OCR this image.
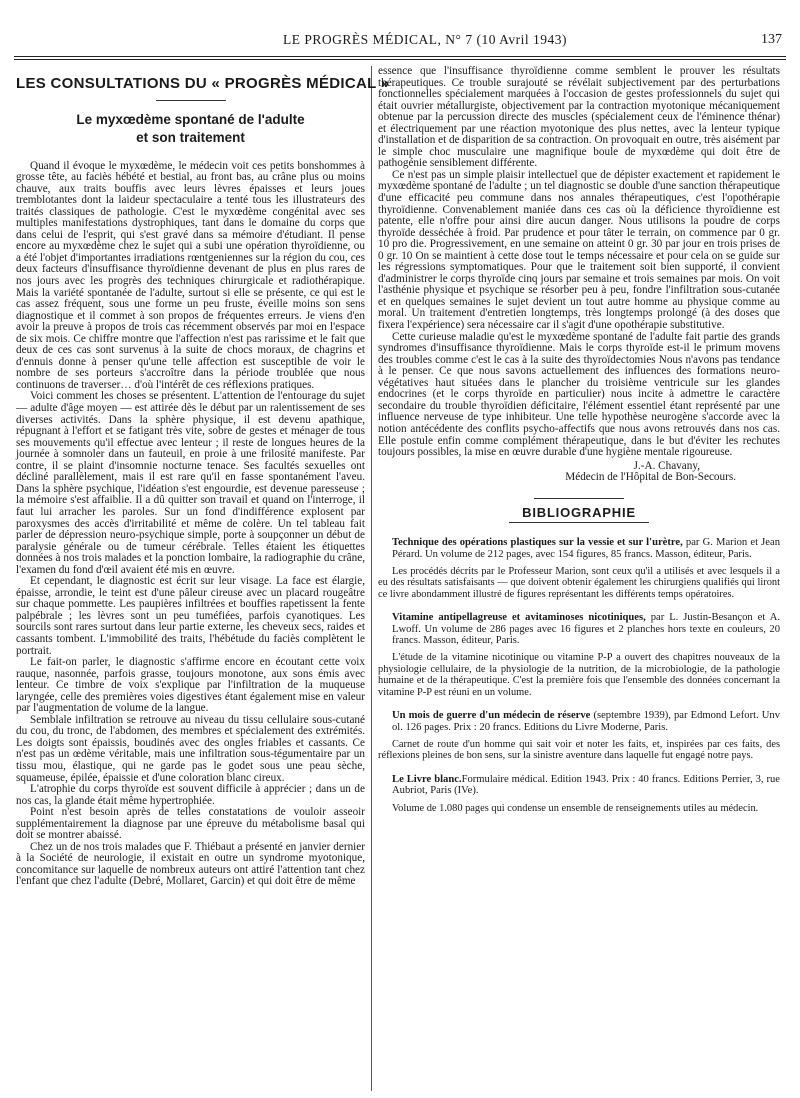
LE PROGRÈS MÉDICAL, N° 7 (10 Avril 1943)	137
LES CONSULTATIONS DU « PROGRÈS MÉDICAL »
Le myxœdème spontané de l'adulte
et son traitement

Quand il évoque le myxœdème, le médecin voit ces petits bonshommes à grosse tête, au faciès hébété et bestial, au front bas, au crâne plus ou moins chauve, aux traits bouffis avec leurs lèvres épaisses et leurs joues tremblotantes dont la laideur spectaculaire a tenté tous les illustrateurs des traités classiques de pathologie. C'est le myxœdème congénital avec ses multiples manifestations dystrophiques, tant dans le domaine du corps que dans celui de l'esprit, qui s'est gravé dans sa mémoire d'étudiant. Il pense encore au myxœdème chez le sujet qui a subi une opération thyroïdienne, ou a été l'objet d'importantes irradiations rœntgeniennes sur la région du cou, ces deux facteurs d'insuffisance thyroïdienne devenant de plus en plus rares de nos jours avec les progrès des techniques chirurgicale et radiothérapique. Mais la variété spontanée de l'adulte, surtout si elle se présente, ce qui est le cas assez fréquent, sous une forme un peu fruste, éveille moins son sens diagnostique et il commet à son propos de fréquentes erreurs. Je viens d'en avoir la preuve à propos de trois cas récemment observés par moi en l'espace de six mois. Ce chiffre montre que l'affection n'est pas rarissime et le fait que deux de ces cas sont survenus à la suite de chocs moraux, de chagrins et d'ennuis donne à penser qu'une telle affection est susceptible de voir le nombre de ses porteurs s'accroître dans la période troublée que nous continuons de traverser… d'où l'intérêt de ces réflexions pratiques.

Voici comment les choses se présentent. L'attention de l'entourage du sujet — adulte d'âge moyen — est attirée dès le début par un ralentissement de ses diverses activités. Dans la sphère physique, il est devenu apathique, répugnant à l'effort et se fatigant très vite, sobre de gestes et ménager de tous ses mouvements qu'il effectue avec lenteur ; il reste de longues heures de la journée à somnoler dans un fauteuil, en proie à une frilosité manifeste. Par contre, il se plaint d'insomnie nocturne tenace. Ses facultés sexuelles ont décliné parallèlement, mais il est rare qu'il en fasse spontanément l'aveu. Dans la sphère psychique, l'idéation s'est engourdie, est devenue paresseuse ; la mémoire s'est affaiblie. Il a dû quitter son travail et quand on l'interroge, il faut lui arracher les paroles. Sur un fond d'indifférence explosent par paroxysmes des accès d'irritabilité et même de colère. Un tel tableau fait parler de dépression neuro-psychique simple, porte à soupçonner un début de paralysie générale ou de tumeur cérébrale. Telles étaient les étiquettes données à nos trois malades et la ponction lombaire, la radiographie du crâne, l'examen du fond d'œil avaient été mis en œuvre.

Et cependant, le diagnostic est écrit sur leur visage. La face est élargie, épaisse, arrondie, le teint est d'une pâleur cireuse avec un placard rougeâtre sur chaque pommette. Les paupières infiltrées et bouffies rapetissent la fente palpébrale ; les lèvres sont un peu tuméfiées, parfois cyanotiques. Les sourcils sont rares surtout dans leur partie externe, les cheveux secs, raides et cassants tombent. L'immobilité des traits, l'hébétude du faciès complètent le portrait.

Le fait-on parler, le diagnostic s'affirme encore en écoutant cette voix rauque, nasonnée, parfois grasse, toujours monotone, aux sons émis avec lenteur. Ce timbre de voix s'explique par l'infiltration de la muqueuse laryngée, celle des premières voies digestives étant également mise en valeur par l'augmentation de volume de la langue.

Semblale infiltration se retrouve au niveau du tissu cellulaire sous-cutané du cou, du tronc, de l'abdomen, des membres et spécialement des extrémités. Les doigts sont épaissis, boudinés avec des ongles friables et cassants. Ce n'est pas un œdème véritable, mais une infiltration sous-tégumentaire par un tissu mou, élastique, qui ne garde pas le godet sous une peau sèche, squameuse, épilée, épaissie et d'une coloration blanc cireux.

L'atrophie du corps thyroïde est souvent difficile à apprécier ; dans un de nos cas, la glande était même hypertrophiée.

Point n'est besoin après de telles constatations de vouloir asseoir supplémentairement la diagnose par une épreuve du métabolisme basal qui doit se montrer abaissé.

Chez un de nos trois malades que F. Thiébaut a présenté en janvier dernier à la Société de neurologie, il existait en outre un syndrome myotonique, concomitance sur laquelle de nombreux auteurs ont attiré l'attention tant chez l'enfant que chez l'adulte (Debré, Mollaret, Garcin) et qui doit être de même

essence que l'insuffisance thyroïdienne comme semblent le prouver les résultats thérapeutiques. Ce trouble surajouté se révélait subjectivement par des perturbations fonctionnelles spécialement marquées à l'occasion de gestes professionnels du sujet qui était ouvrier métallurgiste, objectivement par la contraction myotonique mécaniquement obtenue par la percussion directe des muscles (spécialement ceux de l'éminence thénar) et électriquement par une réaction myotonique des plus nettes, avec la lenteur typique d'installation et de disparition de sa contraction. On provoquait en outre, très aisément par le simple choc musculaire une magnifique boule de myxœdème qui doit être de pathogénie sensiblement différente.

Ce n'est pas un simple plaisir intellectuel que de dépister exactement et rapidement le myxœdème spontané de l'adulte ; un tel diagnostic se double d'une sanction thérapeutique d'une efficacité peu commune dans nos annales thérapeutiques, c'est l'opothérapie thyroïdienne. Convenablement maniée dans ces cas où la déficience thyroïdienne est patente, elle n'offre pour ainsi dire aucun danger. Nous utilisons la poudre de corps thyroïde desséchée à froid. Par prudence et pour tâter le terrain, on commence par 0 gr. 10 pro die. Progressivement, en une semaine on atteint 0 gr. 30 par jour en trois prises de 0 gr. 10 On se maintient à cette dose tout le temps nécessaire et pour cela on se guide sur les régressions symptomatiques. Pour que le traitement soit bien supporté, il convient d'administrer le corps thyroïde cinq jours par semaine et trois semaines par mois. On voit l'asthénie physique et psychique se résorber peu à peu, fondre l'infiltration sous-cutanée et en quelques semaines le sujet devient un tout autre homme au physique comme au moral. Un traitement d'entretien longtemps, très longtemps prolongé (à des doses que fixera l'expérience) sera nécessaire car il s'agit d'une opothérapie substitutive.

Cette curieuse maladie qu'est le myxœdème spontané de l'adulte fait partie des grands syndromes d'insuffisance thyroïdienne. Mais le corps thyroïde est-il le primum movens des troubles comme c'est le cas à la suite des thyroïdectomies Nous n'avons pas tendance à le penser. Ce que nous savons actuellement des influences des formations neuro-végétatives haut situées dans le plancher du troisième ventricule sur les glandes endocrines (et le corps thyroïde en particulier) nous incite à admettre le caractère secondaire du trouble thyroïdien déficitaire, l'élément essentiel étant représenté par une influence nerveuse de type inhibiteur. Une telle hypothèse neurogène s'accorde avec la notion antécédente des conflits psycho-affectifs que nous avons retrouvés dans nos cas. Elle postule enfin comme complément thérapeutique, dans le but d'éviter les rechutes toujours possibles, la mise en œuvre durable d'une hygiène mentale rigoureuse.

J.-A. Chavany,
Médecin de l'Hôpital de Bon-Secours.
BIBLIOGRAPHIE

Technique des opérations plastiques sur la vessie et sur l'urètre, par G. Marion et Jean Pérard. Un volume de 212 pages, avec 154 figures, 85 francs. Masson, éditeur, Paris.

Les procédés décrits par le Professeur Marion, sont ceux qu'il a utilisés et avec lesquels il a eu des résultats satisfaisants — que doivent obtenir également les chirurgiens qualifiés qui liront ce livre abondamment illustré de figures représentant les différents temps opératoires.

Vitamine antipellagreuse et avitaminoses nicotiniques, par L. Justin-Besançon et A. Lwoff. Un volume de 286 pages avec 16 figures et 2 planches hors texte en couleurs, 20 francs. Masson, éditeur, Paris.

L'étude de la vitamine nicotinique ou vitamine P-P a ouvert des chapitres nouveaux de la physiologie cellulaire, de la physiologie de la nutrition, de la microbiologie, de la pathologie humaine et de la thérapeutique. C'est la première fois que l'ensemble des données concernant la vitamine P-P est réuni en un volume.

Un mois de guerre d'un médecin de réserve (septembre 1939), par Edmond Lefort. Unv ol. 126 pages. Prix : 20 francs. Editions du Livre Moderne, Paris.

Carnet de route d'un homme qui sait voir et noter les faits, et, inspirées par ces faits, des réflexions pleines de bon sens, sur la sinistre aventure dans laquelle fut engagé notre pays.

Le Livre blanc.Formulaire médical. Edition 1943. Prix : 40 francs. Editions Perrier, 3, rue Aubriot, Paris (IVe).

Volume de 1.080 pages qui condense un ensemble de renseignements utiles au médecin.
